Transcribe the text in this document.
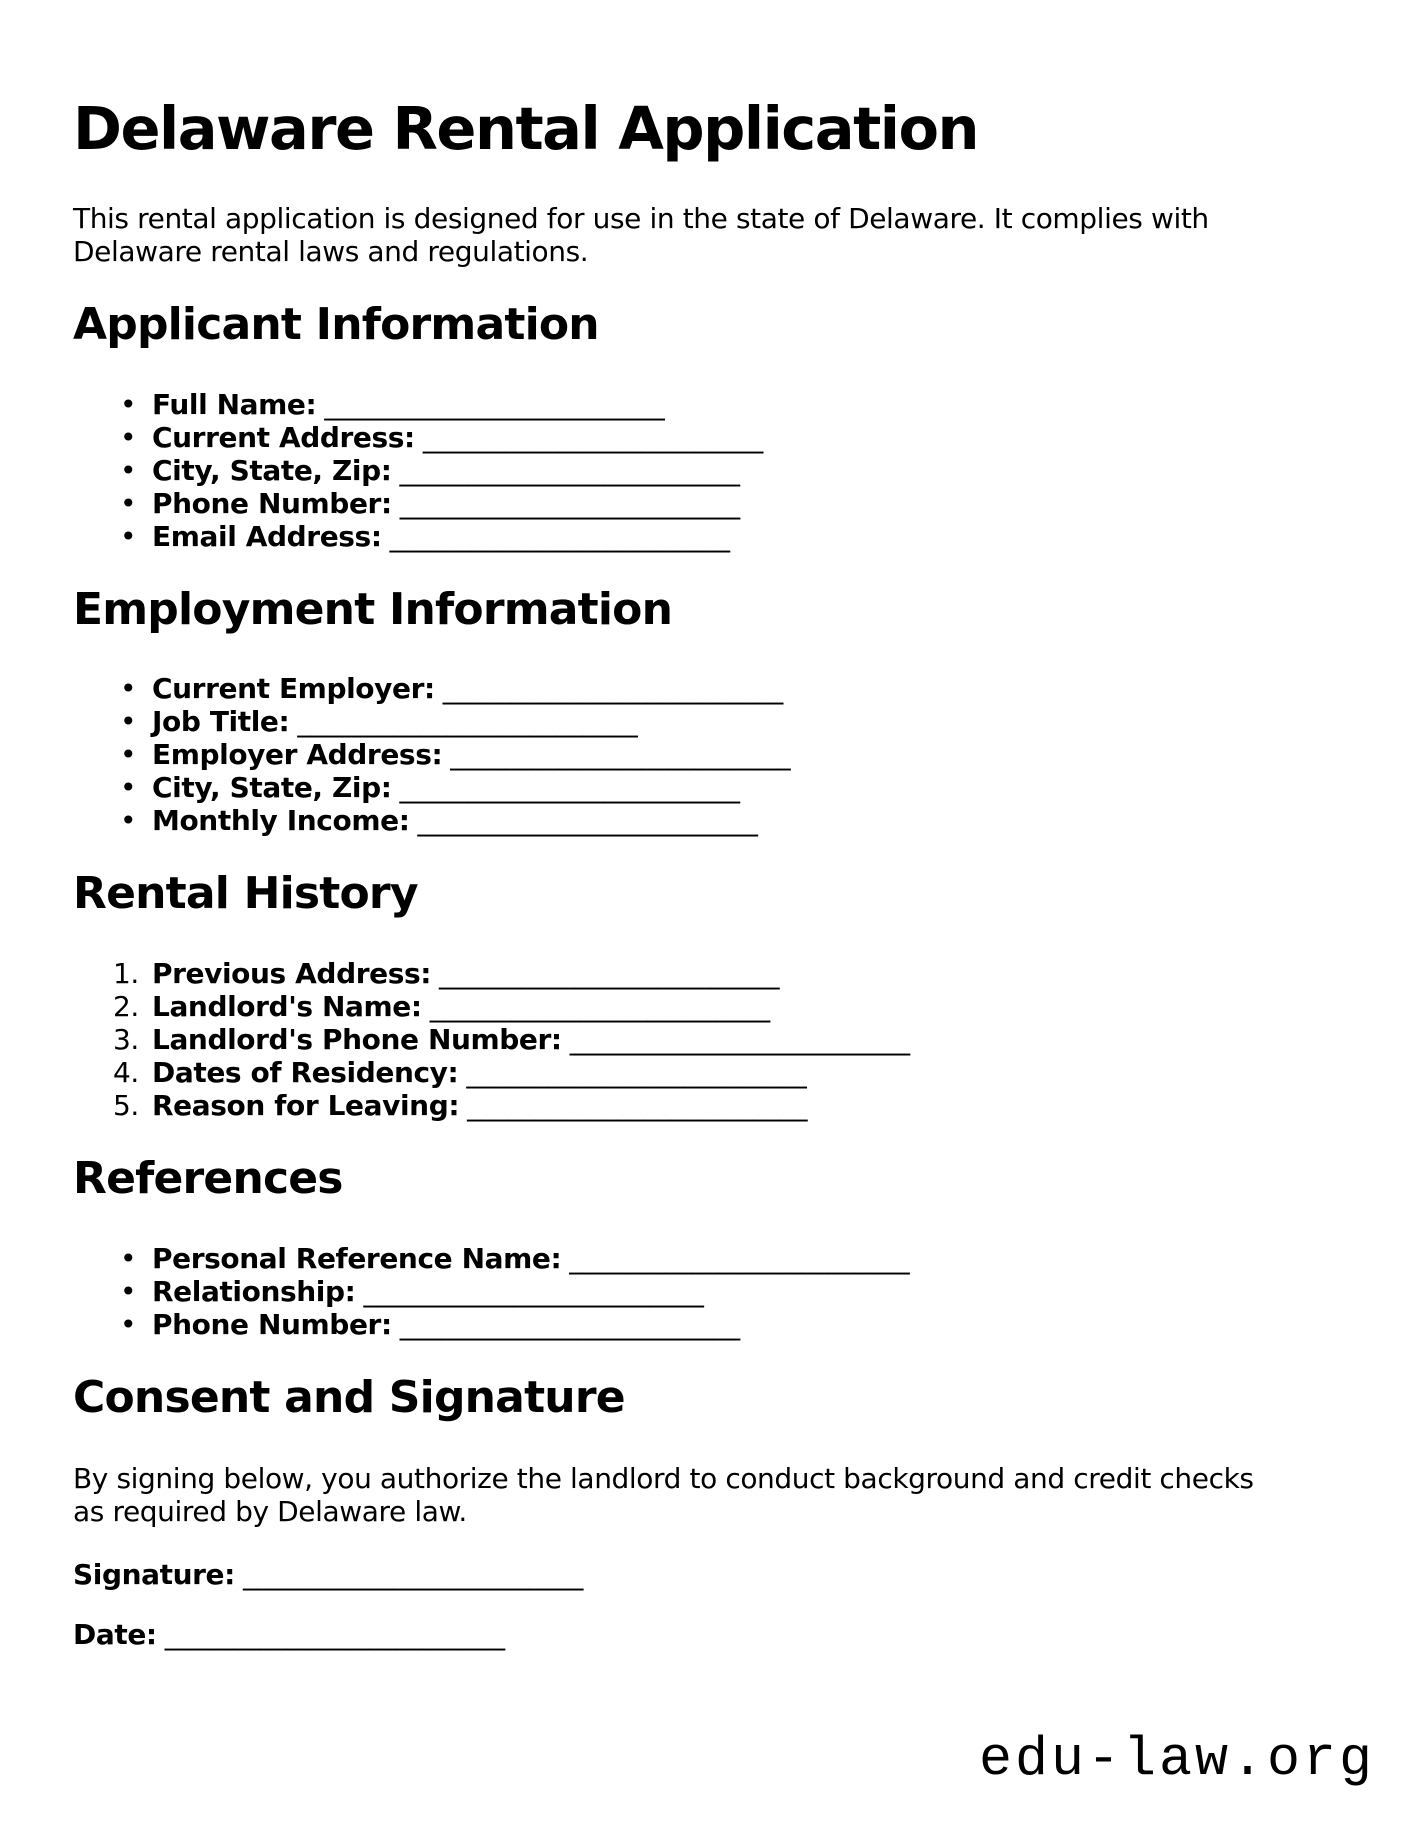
Delaware Rental Application

This rental application is designed for use in the state of Delaware. It complies with Delaware rental laws and regulations.

Applicant Information
• Full Name: _________________________
• Current Address: _________________________
• City, State, Zip: _________________________
• Phone Number: _________________________
• Email Address: _________________________
Employment Information
• Current Employer: _________________________
• Job Title: _________________________
• Employer Address: _________________________
• City, State, Zip: _________________________
• Monthly Income: _________________________
Rental History
1. Previous Address: _________________________
2. Landlord's Name: _________________________
3. Landlord's Phone Number: _________________________
4. Dates of Residency: _________________________
5. Reason for Leaving: _________________________
References
• Personal Reference Name: _________________________
• Relationship: _________________________
• Phone Number: _________________________
Consent and Signature

By signing below, you authorize the landlord to conduct background and credit checks as required by Delaware law.

Signature: _________________________
Date: _________________________
edu-law.org
